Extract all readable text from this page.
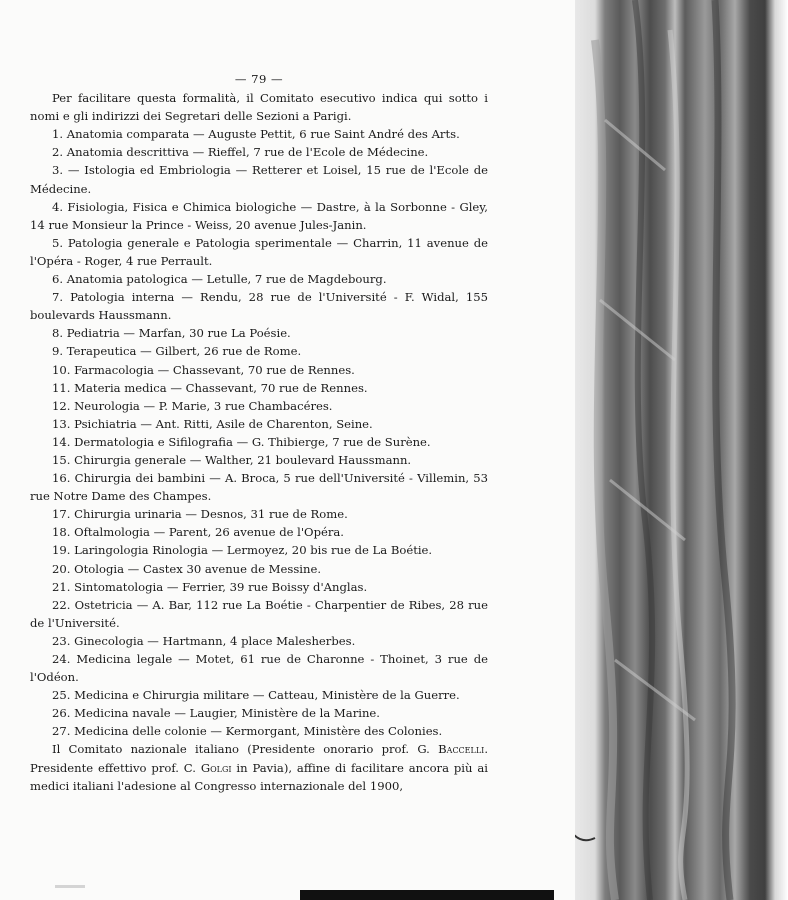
— 79 —
Per facilitare questa formalità, il Comitato esecutivo indica qui sotto i nomi e gli indirizzi dei Segretari delle Sezioni a Parigi.
1. Anatomia comparata — Auguste Pettit, 6 rue Saint André des Arts.
2. Anatomia descrittiva — Rieffel, 7 rue de l'Ecole de Médecine.
3. — Istologia ed Embriologia — Retterer et Loisel, 15 rue de l'Ecole de Médecine.
4. Fisiologia, Fisica e Chimica biologiche — Dastre, à la Sorbonne - Gley, 14 rue Monsieur la Prince - Weiss, 20 avenue Jules-Janin.
5. Patologia generale e Patologia sperimentale — Charrin, 11 avenue de l'Opéra - Roger, 4 rue Perrault.
6. Anatomia patologica — Letulle, 7 rue de Magdebourg.
7. Patologia interna — Rendu, 28 rue de l'Université - F. Widal, 155 boulevards Haussmann.
8. Pediatria — Marfan, 30 rue La Poésie.
9. Terapeutica — Gilbert, 26 rue de Rome.
10. Farmacologia — Chassevant, 70 rue de Rennes.
11. Materia medica — Chassevant, 70 rue de Rennes.
12. Neurologia — P. Marie, 3 rue Chambacéres.
13. Psichiatria — Ant. Ritti, Asile de Charenton, Seine.
14. Dermatologia e Sifilografia — G. Thibierge, 7 rue de Surène.
15. Chirurgia generale — Walther, 21 boulevard Haussmann.
16. Chirurgia dei bambini — A. Broca, 5 rue dell'Université - Villemin, 53 rue Notre Dame des Champes.
17. Chirurgia urinaria — Desnos, 31 rue de Rome.
18. Oftalmologia — Parent, 26 avenue de l'Opéra.
19. Laringologia Rinologia — Lermoyez, 20 bis rue de La Boétie.
20. Otologia — Castex 30 avenue de Messine.
21. Sintomatologia — Ferrier, 39 rue Boissy d'Anglas.
22. Ostetricia — A. Bar, 112 rue La Boétie - Charpentier de Ribes, 28 rue de l'Université.
23. Ginecologia — Hartmann, 4 place Malesherbes.
24. Medicina legale — Motet, 61 rue de Charonne - Thoinet, 3 rue de l'Odéon.
25. Medicina e Chirurgia militare — Catteau, Ministère de la Guerre.
26. Medicina navale — Laugier, Ministère de la Marine.
27. Medicina delle colonie — Kermorgant, Ministère des Colonies.
Il Comitato nazionale italiano (Presidente onorario prof. G. Baccelli. Presidente effettivo prof. C. Golgi in Pavia), affine di facilitare ancora più ai medici italiani l'adesione al Congresso internazionale del 1900,
